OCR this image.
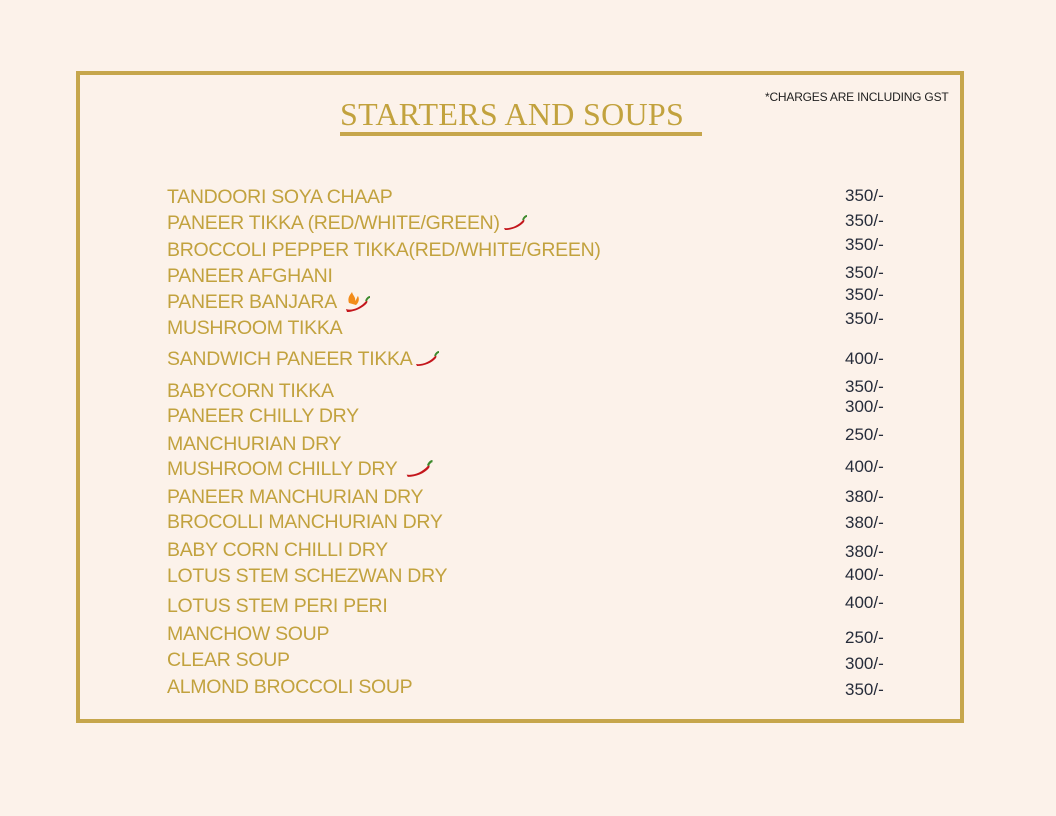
STARTERS AND SOUPS	*CHARGES ARE INCLUDING GST
TANDOORI SOYA CHAAP
PANEER TIKKA (RED/WHITE/GREEN)
BROCCOLI PEPPER TIKKA(RED/WHITE/GREEN)
PANEER AFGHANI
PANEER BANJARA
MUSHROOM TIKKA
SANDWICH PANEER TIKKA
BABYCORN TIKKA
PANEER CHILLY DRY
MANCHURIAN DRY
MUSHROOM CHILLY DRY
PANEER MANCHURIAN DRY
BROCOLLI MANCHURIAN DRY
BABY CORN CHILLI DRY
LOTUS STEM SCHEZWAN DRY
LOTUS STEM PERI PERI
MANCHOW SOUP
CLEAR SOUP
ALMOND BROCCOLI SOUP
350/-
350/-
350/-
350/-
350/-
350/-
400/-
350/-
300/-
250/-
400/-
380/-
380/-
380/-
400/-
400/-
250/-
300/-
350/-
